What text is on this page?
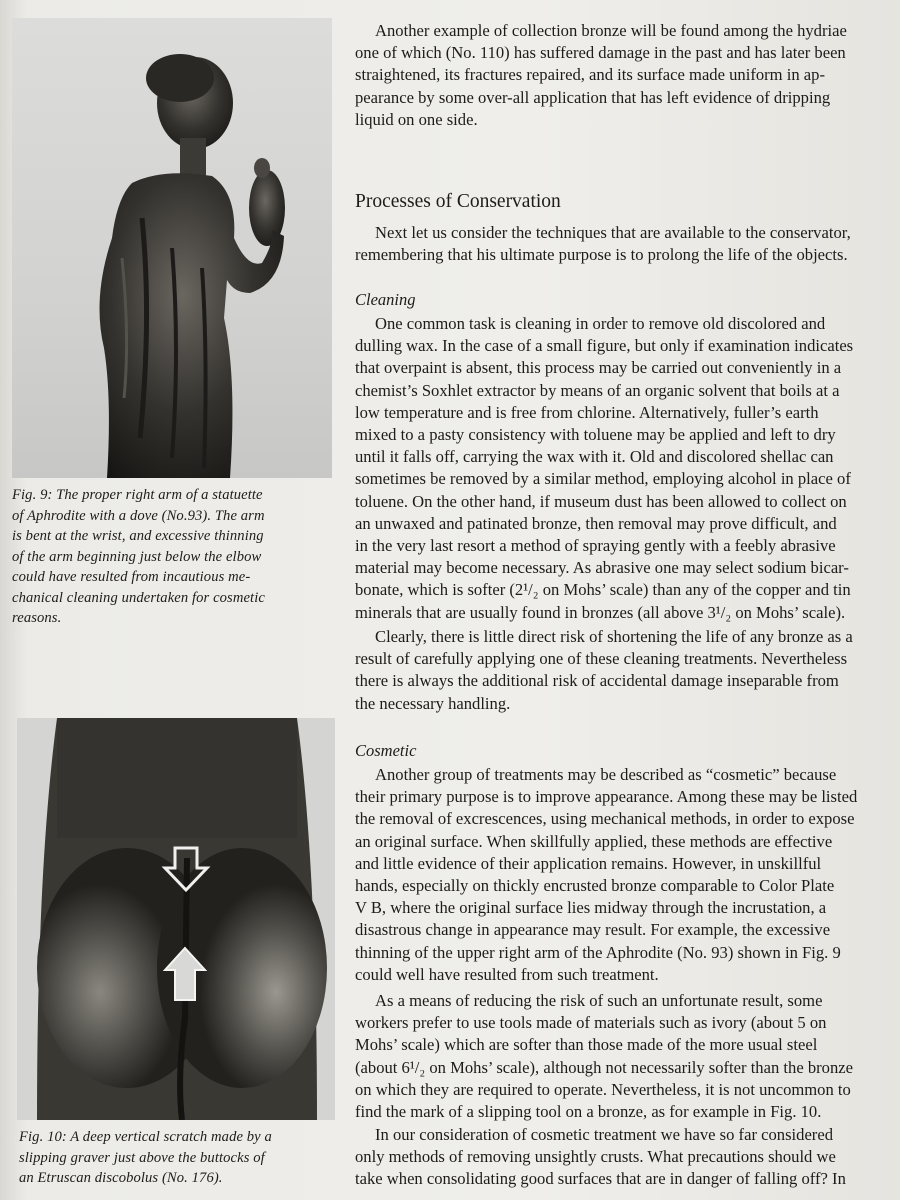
Fig. 9: The proper right arm of a statuette
of Aphrodite with a dove (No.93). The arm
is bent at the wrist, and excessive thinning
of the arm beginning just below the elbow
could have resulted from incautious me-
chanical cleaning undertaken for cosmetic
reasons.
Fig. 10: A deep vertical scratch made by a
slipping graver just above the buttocks of
an Etruscan discobolus (No. 176).

Another example of collection bronze will be found among the hydriae
one of which (No. 110) has suffered damage in the past and has later been
straightened, its fractures repaired, and its surface made uniform in ap-
pearance by some over-all application that has left evidence of dripping
liquid on one side.

Processes of Conservation

Next let us consider the techniques that are available to the conservator,
remembering that his ultimate purpose is to prolong the life of the objects.

Cleaning

One common task is cleaning in order to remove old discolored and
dulling wax. In the case of a small figure, but only if examination indicates
that overpaint is absent, this process may be carried out conveniently in a
chemist’s Soxhlet extractor by means of an organic solvent that boils at a
low temperature and is free from chlorine. Alternatively, fuller’s earth
mixed to a pasty consistency with toluene may be applied and left to dry
until it falls off, carrying the wax with it. Old and discolored shellac can
sometimes be removed by a similar method, employing alcohol in place of
toluene. On the other hand, if museum dust has been allowed to collect on
an unwaxed and patinated bronze, then removal may prove difficult, and
in the very last resort a method of spraying gently with a feebly abrasive
material may become necessary. As abrasive one may select sodium bicar-
bonate, which is softer (2¹/₂ on Mohs’ scale) than any of the copper and tin
minerals that are usually found in bronzes (all above 3¹/₂ on Mohs’ scale).

Clearly, there is little direct risk of shortening the life of any bronze as a
result of carefully applying one of these cleaning treatments. Nevertheless
there is always the additional risk of accidental damage inseparable from
the necessary handling.

Cosmetic

Another group of treatments may be described as “cosmetic” because
their primary purpose is to improve appearance. Among these may be listed
the removal of excrescences, using mechanical methods, in order to expose
an original surface. When skillfully applied, these methods are effective
and little evidence of their application remains. However, in unskillful
hands, especially on thickly encrusted bronze comparable to Color Plate
V B, where the original surface lies midway through the incrustation, a
disastrous change in appearance may result. For example, the excessive
thinning of the upper right arm of the Aphrodite (No. 93) shown in Fig. 9
could well have resulted from such treatment.

As a means of reducing the risk of such an unfortunate result, some
workers prefer to use tools made of materials such as ivory (about 5 on
Mohs’ scale) which are softer than those made of the more usual steel
(about 6¹/₂ on Mohs’ scale), although not necessarily softer than the bronze
on which they are required to operate. Nevertheless, it is not uncommon to
find the mark of a slipping tool on a bronze, as for example in Fig. 10.

In our consideration of cosmetic treatment we have so far considered
only methods of removing unsightly crusts. What precautions should we
take when consolidating good surfaces that are in danger of falling off? In
